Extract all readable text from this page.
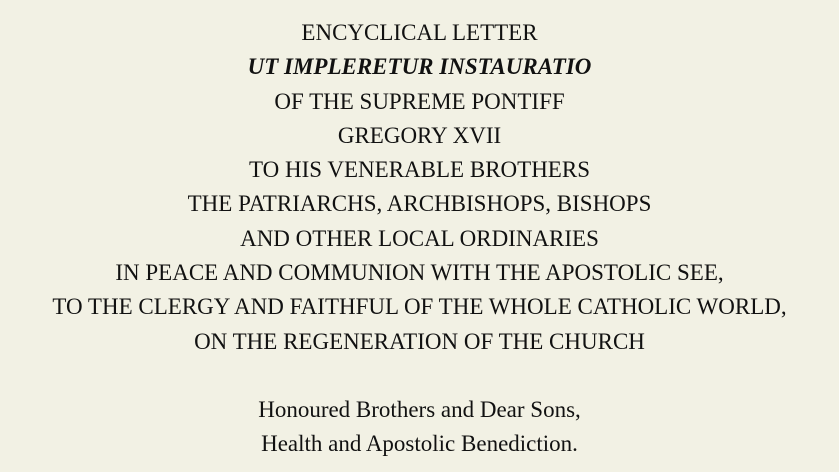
ENCYCLICAL LETTER
UT IMPLERETUR INSTAURATIO
OF THE SUPREME PONTIFF
GREGORY XVII
TO HIS VENERABLE BROTHERS
THE PATRIARCHS, ARCHBISHOPS, BISHOPS
AND OTHER LOCAL ORDINARIES
IN PEACE AND COMMUNION WITH THE APOSTOLIC SEE,
TO THE CLERGY AND FAITHFUL OF THE WHOLE CATHOLIC WORLD,
ON THE REGENERATION OF THE CHURCH
Honoured Brothers and Dear Sons,
Health and Apostolic Benediction.
